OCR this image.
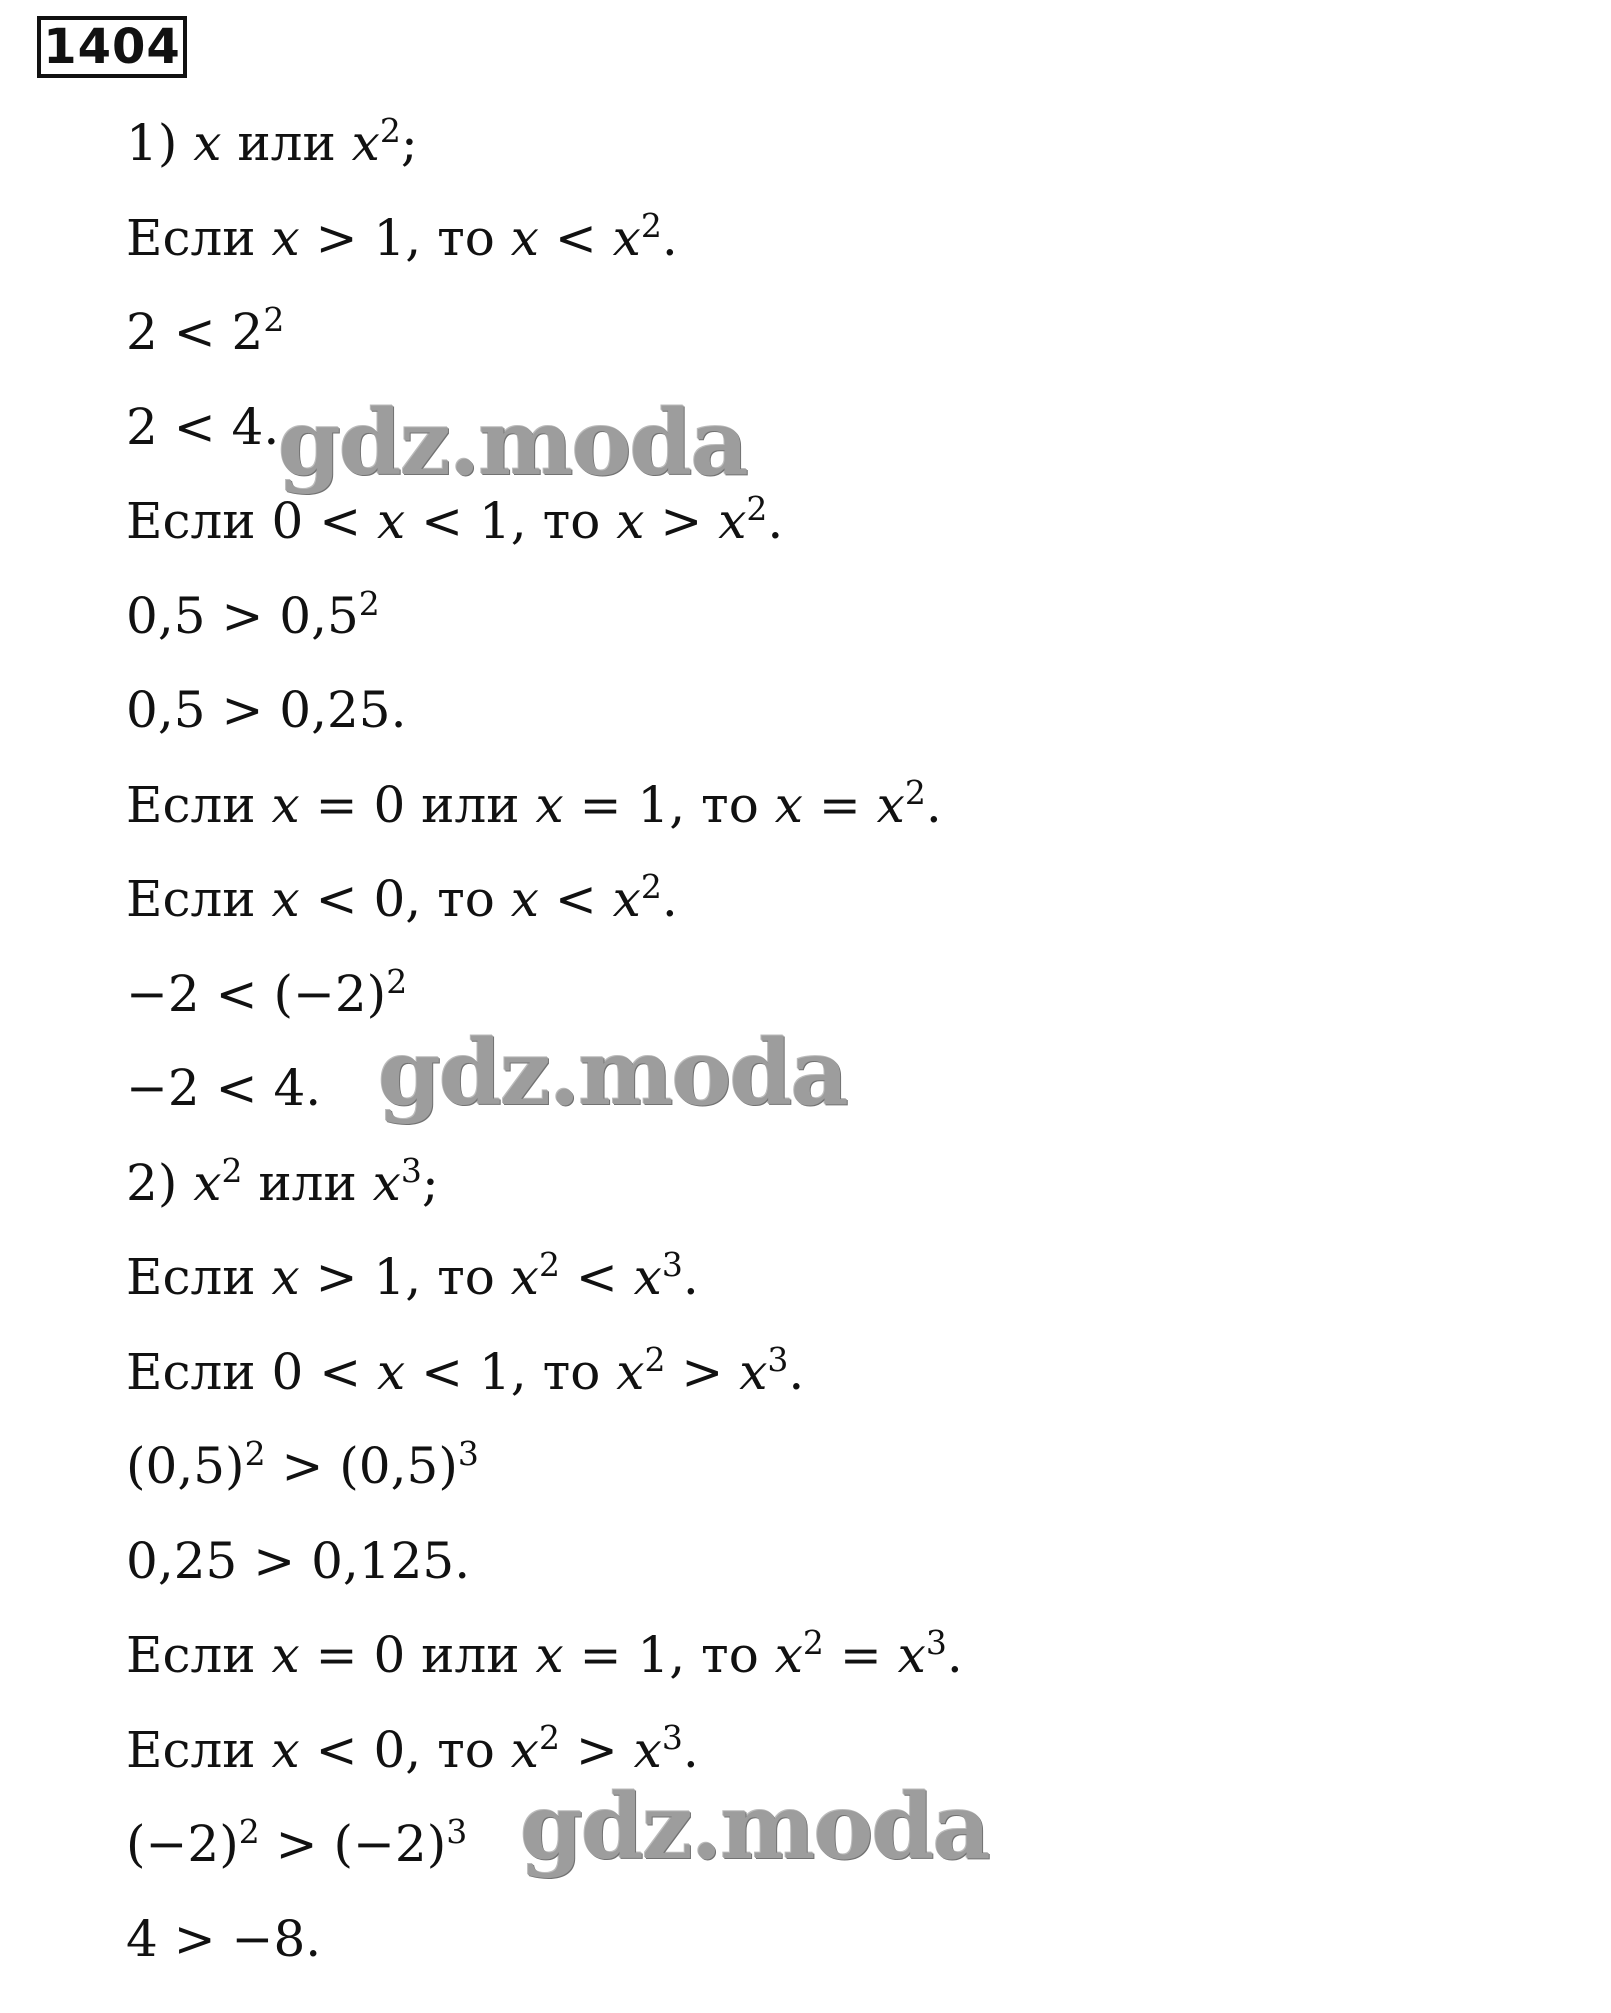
1404
1) x или $x^2$;
Если x > 1, то $x < x^2$.
$2 < 2^2$
2 < 4.
Если 0 < x < 1, то $x > x^2$.
$0,5 > 0,5^2$
0,5 > 0,25.
Если x = 0 или x = 1, то $x = x^2$.
Если x < 0, то $x < x^2$.
$-2 < (-2)^2$
−2 < 4.
2) $x^2$ или $x^3$;
Если x > 1, то $x^2 < x^3$.
Если 0 < x < 1, то $x^2 > x^3$.
$(0,5)^2 > (0,5)^3$
0,25 > 0,125.
Если x = 0 или x = 1, то $x^2 = x^3$.
Если x < 0, то $x^2 > x^3$.
$(-2)^2 > (-2)^3$
4 > −8.
gdz.moda
gdz.moda
gdz.moda
